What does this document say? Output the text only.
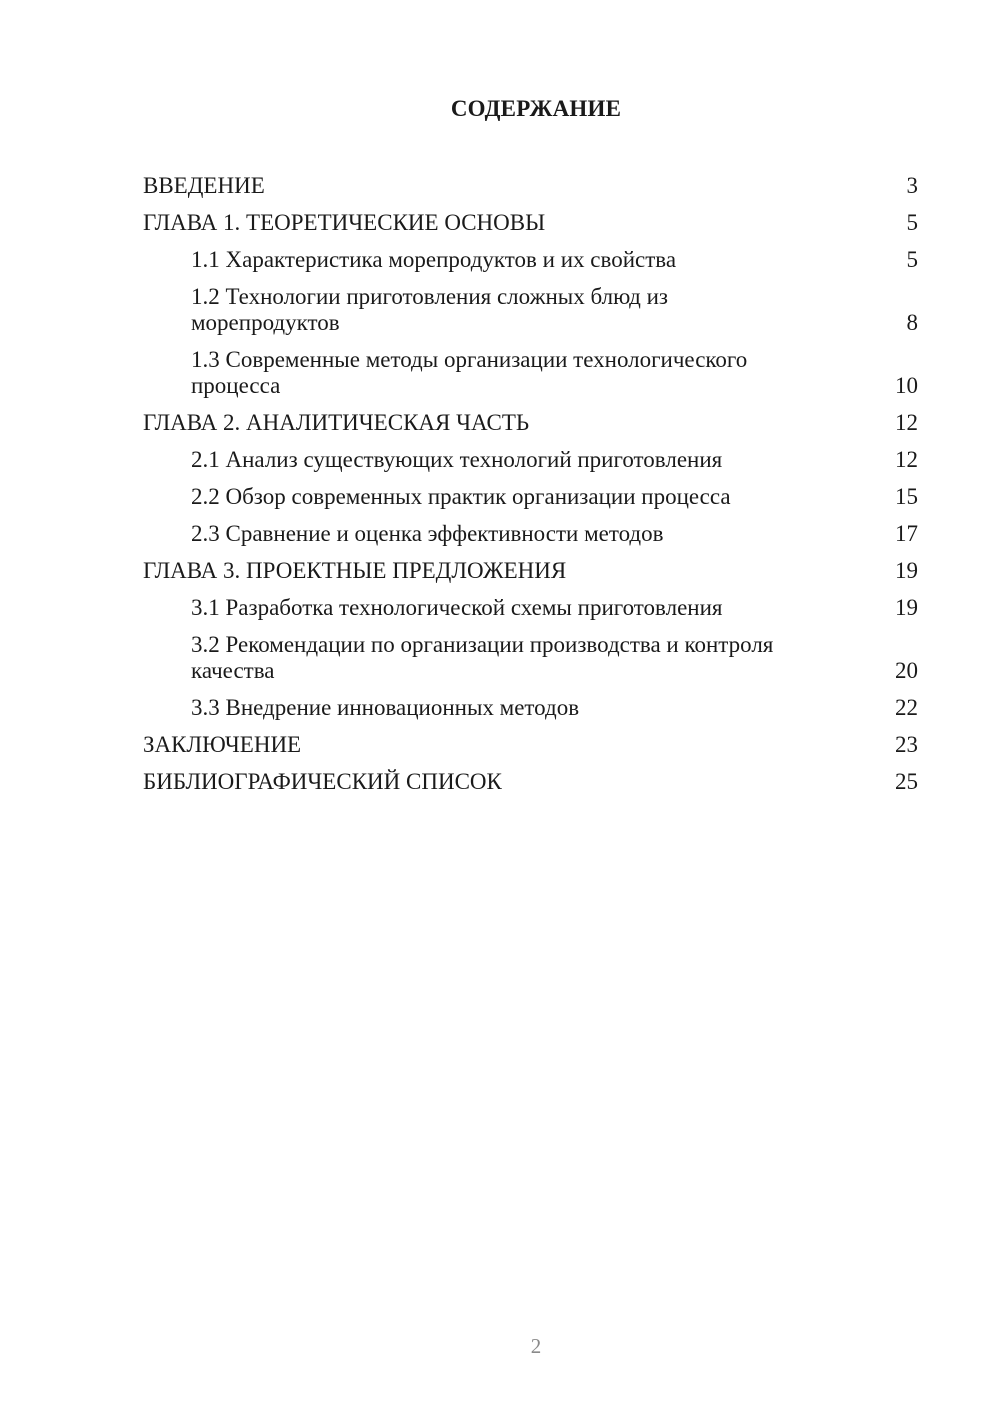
СОДЕРЖАНИЕ
ВВЕДЕНИЕ	3
ГЛАВА 1. ТЕОРЕТИЧЕСКИЕ ОСНОВЫ	5
1.1 Характеристика морепродуктов и их свойства	5
1.2 Технологии приготовления сложных блюд из морепродуктов	8
1.3 Современные методы организации технологического процесса	10
ГЛАВА 2. АНАЛИТИЧЕСКАЯ ЧАСТЬ	12
2.1 Анализ существующих технологий приготовления	12
2.2 Обзор современных практик организации процесса	15
2.3 Сравнение и оценка эффективности методов	17
ГЛАВА 3. ПРОЕКТНЫЕ ПРЕДЛОЖЕНИЯ	19
3.1 Разработка технологической схемы приготовления	19
3.2 Рекомендации по организации производства и контроля качества	20
3.3 Внедрение инновационных методов	22
ЗАКЛЮЧЕНИЕ	23
БИБЛИОГРАФИЧЕСКИЙ СПИСОК	25
2
